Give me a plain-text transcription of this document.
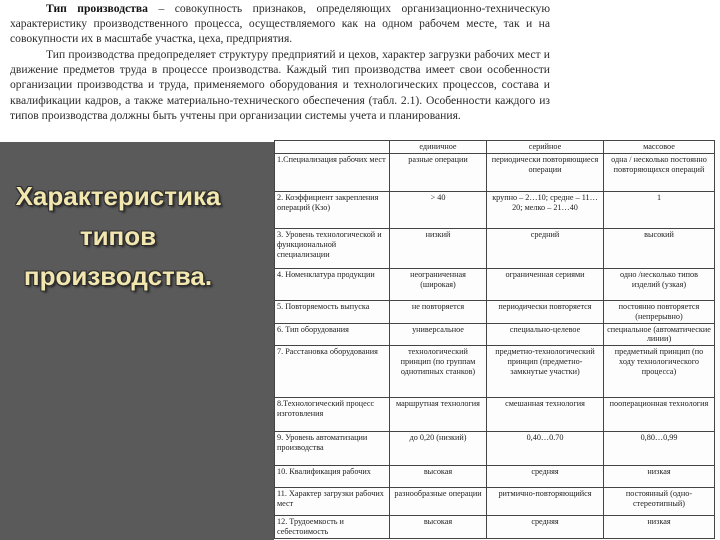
Тип производства – совокупность признаков, определяющих организационно-техническую характеристику производственного процесса, осуществляемого как на одном рабочем месте, так и на совокупности их в масштабе участка, цеха, предприятия.

Тип производства предопределяет структуру предприятий и цехов, характер загрузки рабочих мест и движение предметов труда в процессе производства. Каждый тип производства имеет свои особенности организации производства и труда, применяемого оборудования и технологических процессов, состава и квалификации кадров, а также материально-технического обеспечения (табл. 2.1). Особенности каждого из типов производства должны быть учтены при организации системы учета и планирования.

Характеристика типов производства.
	единичное	серийное	массовое
1.Специализация рабочих мест	разные операции	периодически повторяющиеся операции	одна / несколько постоянно повторяющихся операций
2. Коэффициент закрепления операций (Кзо)	> 40	крупно – 2…10; средне – 11…20; мелко – 21…40	1
3. Уровень технологической и функциональной специализации	низкий	средний	высокий
4. Номенклатура продукции	неограниченная (широкая)	ограниченная сериями	одно /несколько типов изделий (узкая)
5. Повторяемость выпуска	не повторяется	периодически повторяется	постоянно повторяется (непрерывно)
6. Тип оборудования	универсальное	специально-целевое	специальное (автоматические линии)
7. Расстановка оборудования	технологический принцип (по группам однотипных станков)	предметно-технологический принцип (предметно-замкнутые участки)	предметный принцип (по ходу технологического процесса)
8.Технологический процесс изготовления	маршрутная технология	смешанная технология	пооперационная технология
9. Уровень автоматизации производства	до 0,20 (низкий)	0,40…0.70	0,80…0,99
10. Квалификация рабочих	высокая	средняя	низкая
11. Характер загрузки рабочих мест	разнообразные операции	ритмично-повторяющийся	постоянный (одно-стереотипный)
12. Трудоемкость и себестоимость	высокая	средняя	низкая
